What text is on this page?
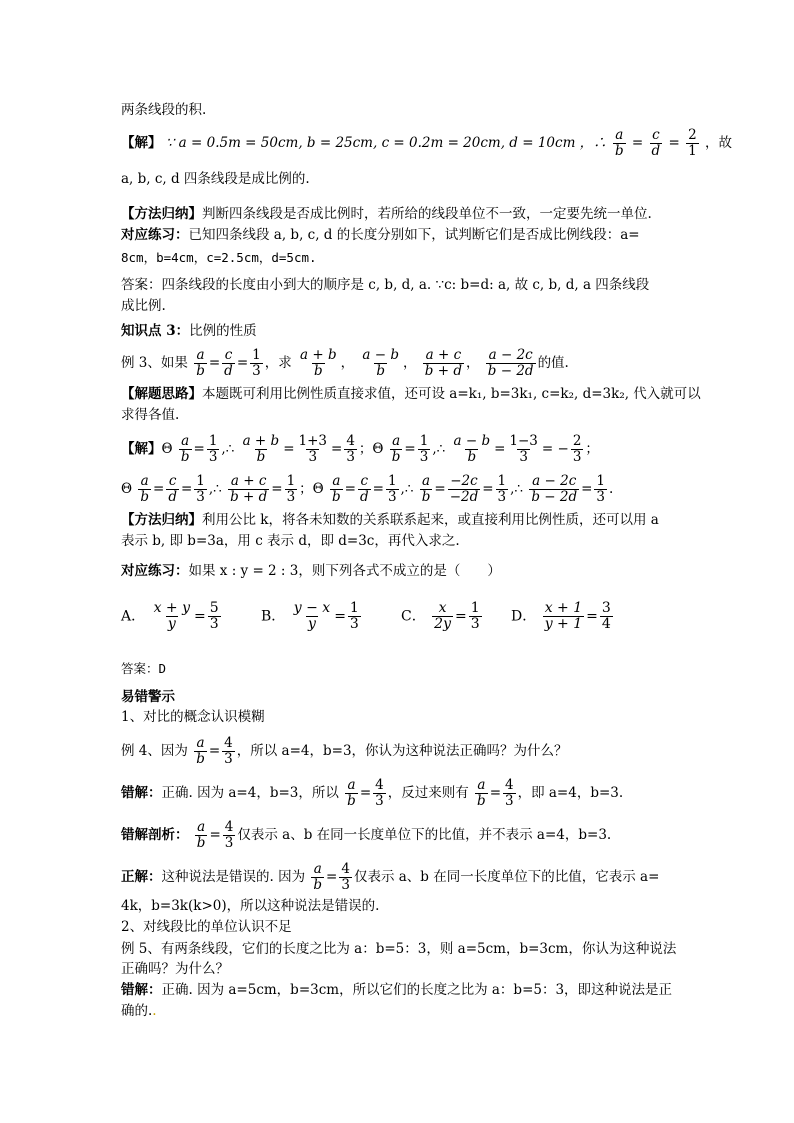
两条线段的积.
【解】 ∵ a = 0.5m = 50cm, b = 25cm, c = 0.2m = 20cm, d = 10cm ，∴ $\frac{a}{b} = \frac{c}{d} = \frac{2}{1}$ ，故
a, b, c, d 四条线段是成比例的.
【方法归纳】判断四条线段是否成比例时，若所给的线段单位不一致，一定要先统一单位.
对应练习：已知四条线段 a, b, c, d 的长度分别如下，试判断它们是否成比例线段：a=
8cm，b=4cm，c=2.5cm，d=5cm.
答案：四条线段的长度由小到大的顺序是 c, b, d, a. ∵c: b=d: a, 故 c, b, d, a 四条线段
成比例.
知识点 3：比例的性质
例 3、如果 $\frac{a}{b} = \frac{c}{d} = \frac{1}{3}$ ，求 $\frac{a + b}{b}$ ， $\frac{a - b}{b}$ ， $\frac{a + c}{b + d}$ ， $\frac{a - 2c}{b - 2d}$ 的值.
【解题思路】本题既可利用比例性质直接求值，还可设 a=k₁, b=3k₁, c=k₂, d=3k₂, 代入就可以
求得各值.
【解】Θ $\frac{a}{b} = \frac{1}{3}$ ,∴ $\frac{a + b}{b} = \frac{1+3}{3} = \frac{4}{3}$ ；Θ $\frac{a}{b} = \frac{1}{3}$ ,∴ $\frac{a - b}{b} = \frac{1-3}{3}$ = − $\frac{2}{3}$ ；
Θ $\frac{a}{b} = \frac{c}{d} = \frac{1}{3}$ ,∴ $\frac{a + c}{b + d} = \frac{1}{3}$ ；Θ $\frac{a}{b} = \frac{c}{d} = \frac{1}{3}$ ,∴ $\frac{a}{b} = \frac{-2c}{-2d} = \frac{1}{3}$ ,∴ $\frac{a - 2c}{b - 2d} = \frac{1}{3}$ .
【方法归纳】利用公比 k，将各未知数的关系联系起来，或直接利用比例性质，还可以用 a
表示 b, 即 b=3a，用 c 表示 d，即 d=3c，再代入求之.
对应练习：如果 x : y = 2 : 3，则下列各式不成立的是（　　）
A． $\frac{x + y}{y} = \frac{5}{3}$	B． $\frac{y - x}{y} = \frac{1}{3}$	C． $\frac{x}{2y} = \frac{1}{3}$ D． $\frac{x + 1}{y + 1} = \frac{3}{4}$
答案：D
易错警示
1、对比的概念认识模糊
例 4、因为 $\frac{a}{b} = \frac{4}{3}$ ，所以 a=4，b=3，你认为这种说法正确吗？为什么？
错解：正确. 因为 a=4，b=3，所以 $\frac{a}{b} = \frac{4}{3}$ ，反过来则有 $\frac{a}{b} = \frac{4}{3}$ ，即 a=4，b=3.
错解剖析： $\frac{a}{b} = \frac{4}{3}$ 仅表示 a、b 在同一长度单位下的比值，并不表示 a=4，b=3.
正解：这种说法是错误的. 因为 $\frac{a}{b} = \frac{4}{3}$ 仅表示 a、b 在同一长度单位下的比值，它表示 a=
4k，b=3k(k>0)，所以这种说法是错误的.
2、对线段比的单位认识不足
例 5、有两条线段，它们的长度之比为 a：b=5：3，则 a=5cm，b=3cm，你认为这种说法
正确吗？为什么？
错解：正确. 因为 a=5cm，b=3cm，所以它们的长度之比为 a：b=5：3，即这种说法是正
确的..
